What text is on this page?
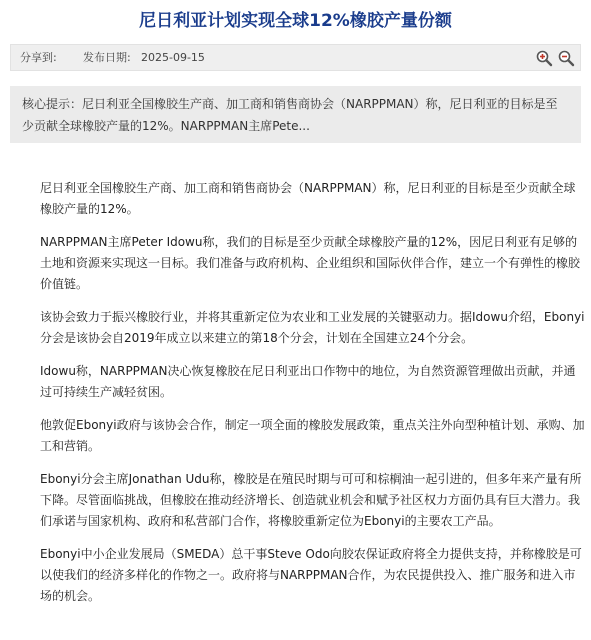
尼日利亚计划实现全球12%橡胶产量份额
分享到: 发布日期: 2025-09-15
核心提示：尼日利亚全国橡胶生产商、加工商和销售商协会（NARPPMAN）称，尼日利亚的目标是至少贡献全球橡胶产量的12%。NARPPMAN主席Pete...

尼日利亚全国橡胶生产商、加工商和销售商协会（NARPPMAN）称，尼日利亚的目标是至少贡献全球橡胶产量的12%。

NARPPMAN主席Peter Idowu称，我们的目标是至少贡献全球橡胶产量的12%，因尼日利亚有足够的土地和资源来实现这一目标。我们准备与政府机构、企业组织和国际伙伴合作，建立一个有弹性的橡胶价值链。

该协会致力于振兴橡胶行业，并将其重新定位为农业和工业发展的关键驱动力。据Idowu介绍，Ebonyi分会是该协会自2019年成立以来建立的第18个分会，计划在全国建立24个分会。

Idowu称，NARPPMAN决心恢复橡胶在尼日利亚出口作物中的地位，为自然资源管理做出贡献，并通过可持续生产减轻贫困。

他敦促Ebonyi政府与该协会合作，制定一项全面的橡胶发展政策，重点关注外向型种植计划、承购、加工和营销。

Ebonyi分会主席Jonathan Udu称，橡胶是在殖民时期与可可和棕榈油一起引进的，但多年来产量有所下降。尽管面临挑战，但橡胶在推动经济增长、创造就业机会和赋予社区权力方面仍具有巨大潜力。我们承诺与国家机构、政府和私营部门合作，将橡胶重新定位为Ebonyi的主要农工产品。

Ebonyi中小企业发展局（SMEDA）总干事Steve Odo向胶农保证政府将全力提供支持，并称橡胶是可以使我们的经济多样化的作物之一。政府将与NARPPMAN合作，为农民提供投入、推广服务和进入市场的机会。
